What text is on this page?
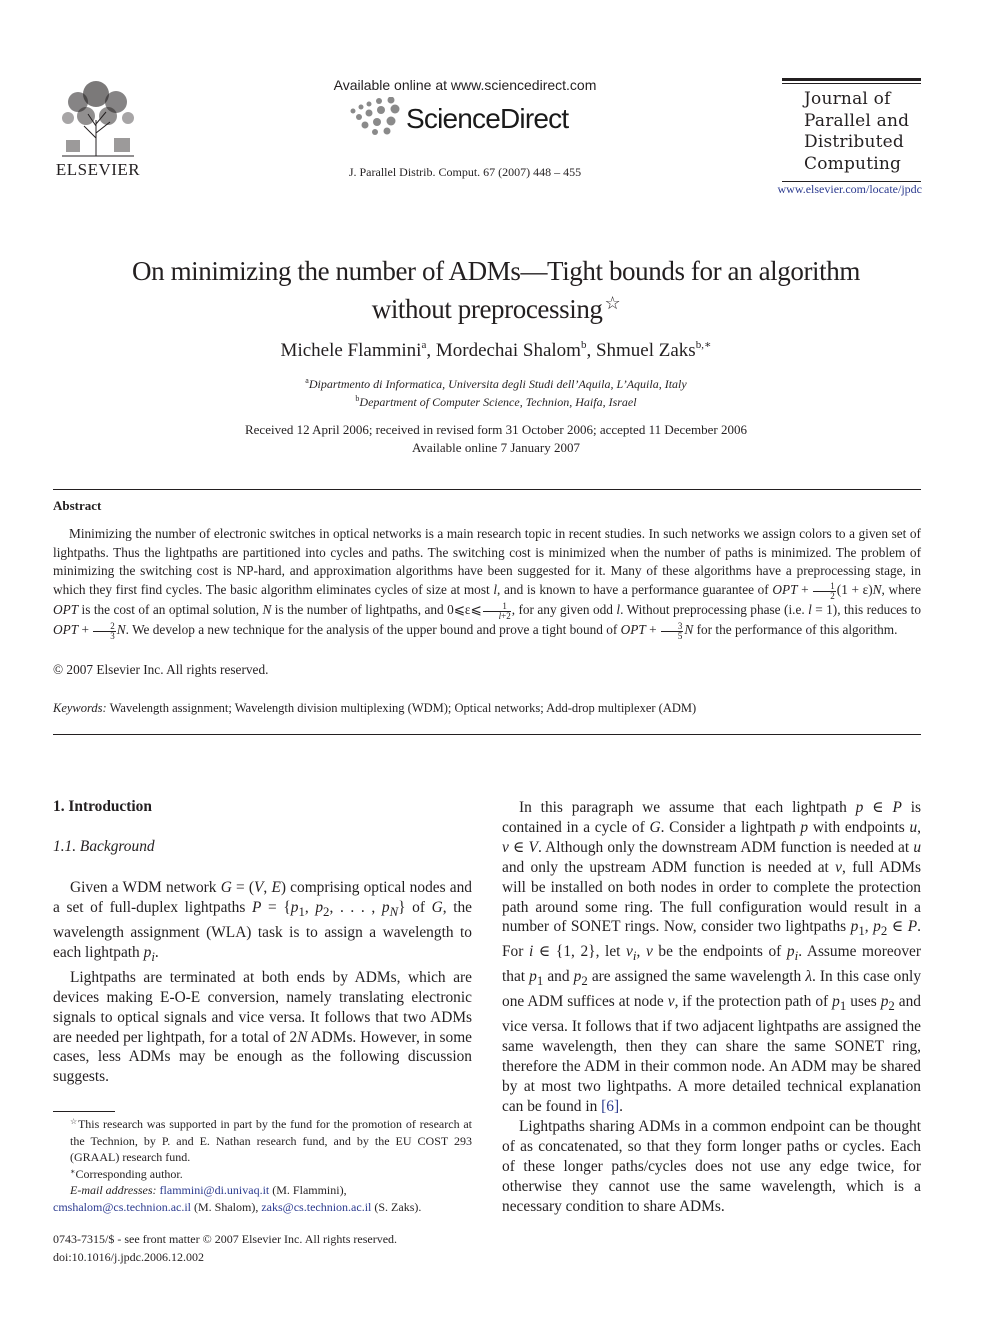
ELSEVIER
Available online at www.sciencedirect.com
ScienceDirect
J. Parallel Distrib. Comput. 67 (2007) 448 – 455
Journal of
Parallel and
Distributed
Computing
www.elsevier.com/locate/jpdc
On minimizing the number of ADMs—Tight bounds for an algorithm
without preprocessing ☆
Michele Flammini$^a$, Mordechai Shalom$^b$, Shmuel Zaks$^{b,∗}$
$^a$Dipartmento di Informatica, Universita degli Studi dell’Aquila, L’Aquila, Italy
$^b$Department of Computer Science, Technion, Haifa, Israel
Received 12 April 2006; received in revised form 31 October 2006; accepted 11 December 2006
Available online 7 January 2007
Abstract

Minimizing the number of electronic switches in optical networks is a main research topic in recent studies. In such networks we assign colors to a given set of lightpaths. Thus the lightpaths are partitioned into cycles and paths. The switching cost is minimized when the number of paths is minimized. The problem of minimizing the switching cost is NP-hard, and approximation algorithms have been suggested for it. Many of these algorithms have a preprocessing stage, in which they first find cycles. The basic algorithm eliminates cycles of size at most l, and is known to have a performance guarantee of OPT + $\frac{1}{2} (1 + \varepsilon)N$, where OPT is the cost of an optimal solution, N is the number of lightpaths, and 0⩽ε⩽ $\frac{1}{l+2}$ , for any given odd l. Without preprocessing phase (i.e. l = 1), this reduces to OPT + $\frac{2}{3} N$. We develop a new technique for the analysis of the upper bound and prove a tight bound of OPT + $\frac{3}{5}$ N for the performance of this algorithm.

© 2007 Elsevier Inc. All rights reserved.
Keywords: Wavelength assignment; Wavelength division multiplexing (WDM); Optical networks; Add-drop multiplexer (ADM)
1. Introduction
1.1. Background

Given a WDM network G = (V, E) comprising optical nodes and a set of full-duplex lightpaths $P = \{p_1$, $p_2$, . . . , $p_N$} of G, the wavelength assignment (WLA) task is to assign a wavelength to each lightpath $p_i$.

Lightpaths are terminated at both ends by ADMs, which are devices making E-O-E conversion, namely translating electronic signals to optical signals and vice versa. It follows that two ADMs are needed per lightpath, for a total of 2N ADMs. However, in some cases, less ADMs may be enough as the following discussion suggests.

☆This research was supported in part by the fund for the promotion of research at the Technion, by P. and E. Nathan research fund, and by the EU COST 293 (GRAAL) research fund.

∗Corresponding author.

E-mail addresses: flammini@di.univaq.it (M. Flammini),

cmshalom@cs.technion.ac.il (M. Shalom), zaks@cs.technion.ac.il (S. Zaks).

0743-7315/$ - see front matter © 2007 Elsevier Inc. All rights reserved.
doi:10.1016/j.jpdc.2006.12.002

In this paragraph we assume that each lightpath p ∈ P is contained in a cycle of G. Consider a lightpath p with endpoints u, v ∈ V. Although only the downstream ADM function is needed at u and only the upstream ADM function is needed at v, full ADMs will be installed on both nodes in order to complete the protection path around some ring. The full configuration would result in a number of SONET rings. Now, consider two lightpaths $p_1$, $p_2$ ∈ P. For i ∈ {1, 2}, let $v_i$, v be the endpoints of $p_i$. Assume moreover that $p_1$ and $p_2$ are assigned the same wavelength λ. In this case only one ADM suffices at node v, if the protection path of $p_1$ uses $p_2$ and vice versa. It follows that if two adjacent lightpaths are assigned the same wavelength, then they can share the same SONET ring, therefore the ADM in their common node. An ADM may be shared by at most two lightpaths. A more detailed technical explanation can be found in [6].

Lightpaths sharing ADMs in a common endpoint can be thought of as concatenated, so that they form longer paths or cycles. Each of these longer paths/cycles does not use any edge twice, for otherwise they cannot use the same wavelength, which is a necessary condition to share ADMs.
